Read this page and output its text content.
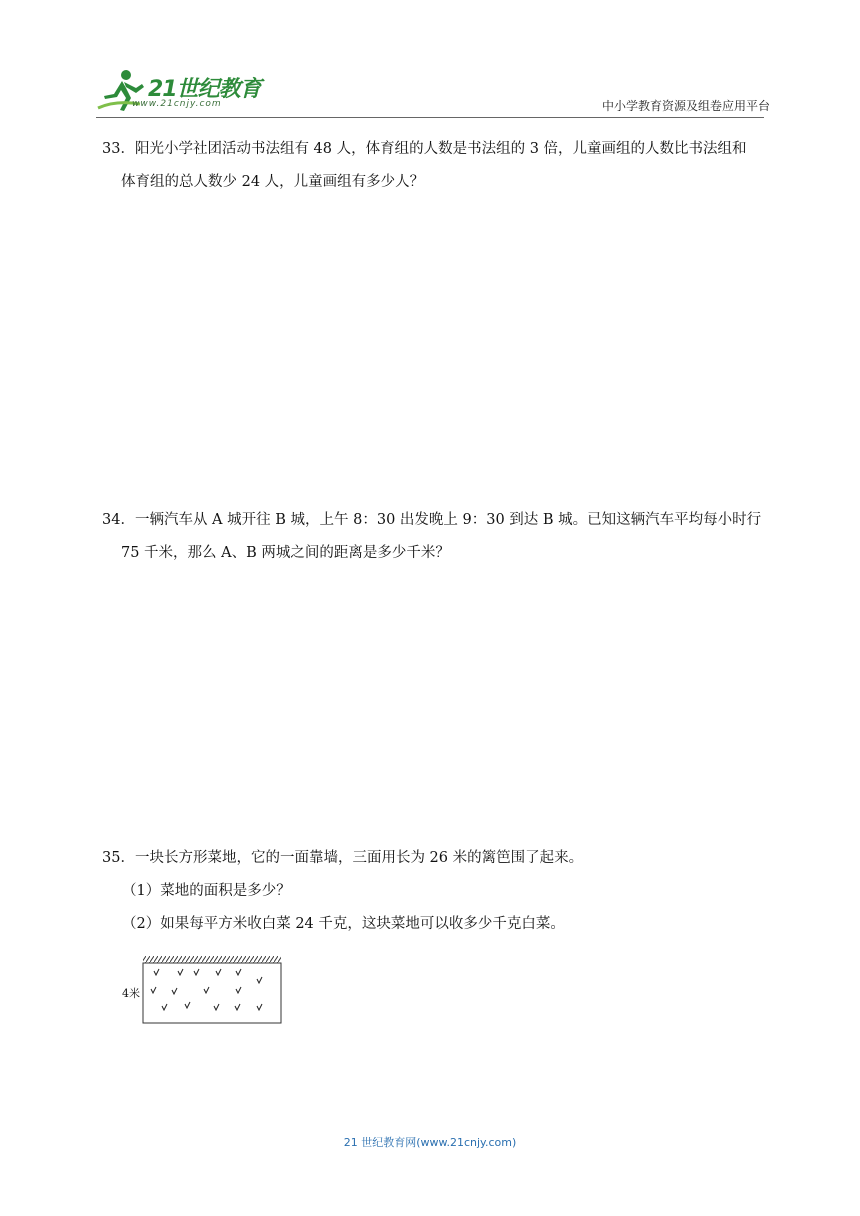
21世纪教育
www.21cnjy.com	中小学教育资源及组卷应用平台

33．阳光小学社团活动书法组有 48 人，体育组的人数是书法组的 3 倍，儿童画组的人数比书法组和

体育组的总人数少 24 人，儿童画组有多少人？

34．一辆汽车从 A 城开往 B 城，上午 8：30 出发晚上 9：30 到达 B 城。已知这辆汽车平均每小时行

75 千米，那么 A、B 两城之间的距离是多少千米？

35．一块长方形菜地，它的一面靠墙，三面用长为 26 米的篱笆围了起来。

（1）菜地的面积是多少？

（2）如果每平方米收白菜 24 千克，这块菜地可以收多少千克白菜。

4米
21 世纪教育网(www.21cnjy.com)
